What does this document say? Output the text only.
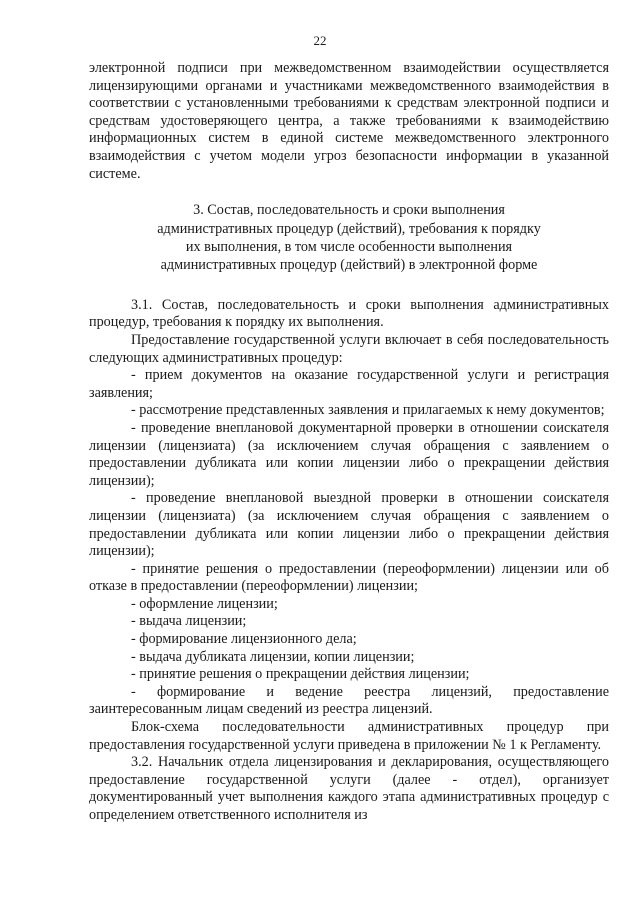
22

электронной подписи при межведомственном взаимодействии осуществляется лицензирующими органами и участниками межведомственного взаимодействия в соответствии с установленными требованиями к средствам электронной подписи и средствам удостоверяющего центра, а также требованиями к взаимодействию информационных систем в единой системе межведомственного электронного взаимодействия с учетом модели угроз безопасности информации в указанной системе.

3. Состав, последовательность и сроки выполнения
административных процедур (действий), требования к порядку
их выполнения, в том числе особенности выполнения
административных процедур (действий) в электронной форме

3.1. Состав, последовательность и сроки выполнения административных процедур, требования к порядку их выполнения.

Предоставление государственной услуги включает в себя последовательность следующих административных процедур:

- прием документов на оказание государственной услуги и регистрация заявления;

- рассмотрение представленных заявления и прилагаемых к нему документов;

- проведение внеплановой документарной проверки в отношении соискателя лицензии (лицензиата) (за исключением случая обращения с заявлением о предоставлении дубликата или копии лицензии либо о прекращении действия лицензии);

- проведение внеплановой выездной проверки в отношении соискателя лицензии (лицензиата) (за исключением случая обращения с заявлением о предоставлении дубликата или копии лицензии либо о прекращении действия лицензии);

- принятие решения о предоставлении (переоформлении) лицензии или об отказе в предоставлении (переоформлении) лицензии;

- оформление лицензии;

- выдача лицензии;

- формирование лицензионного дела;

- выдача дубликата лицензии, копии лицензии;

- принятие решения о прекращении действия лицензии;

- формирование и ведение реестра лицензий, предоставление заинтересованным лицам сведений из реестра лицензий.

Блок-схема последовательности административных процедур при предоставления государственной услуги приведена в приложении № 1 к Регламенту.

3.2. Начальник отдела лицензирования и декларирования, осуществляющего предоставление государственной услуги (далее - отдел), организует документированный учет выполнения каждого этапа административных процедур с определением ответственного исполнителя из
